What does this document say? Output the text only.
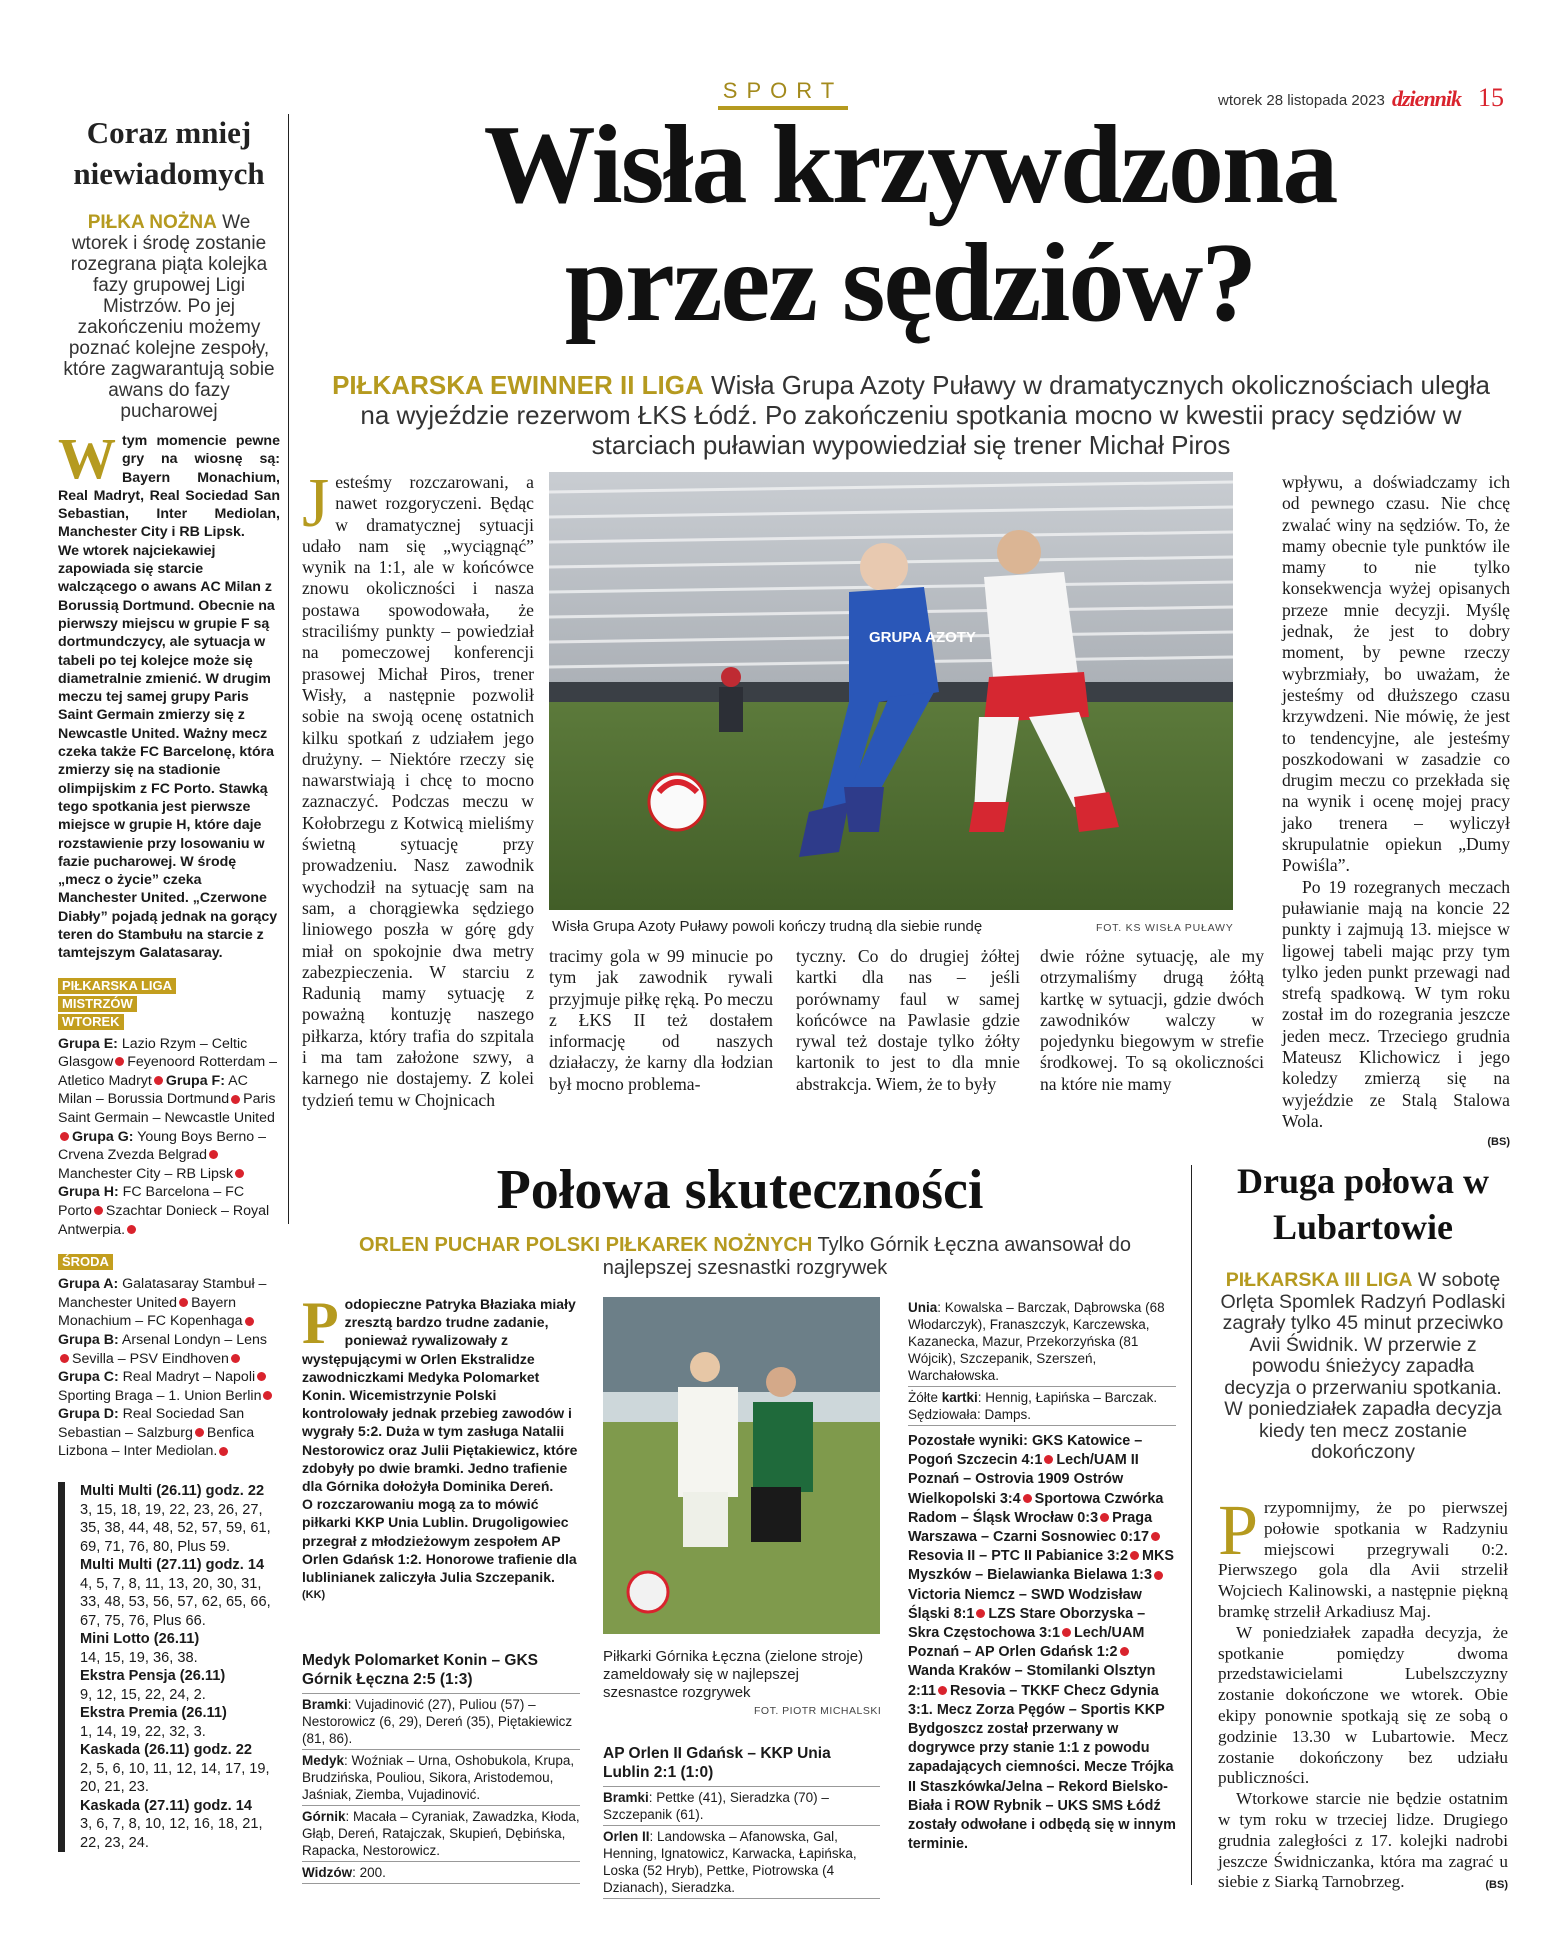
SPORT	wtorek 28 listopada 2023 dziennik 15
Coraz mniej niewiadomych
PIŁKA NOŻNA We wtorek i środę zostanie rozegrana piąta kolejka fazy grupowej Ligi Mistrzów. Po jej zakończeniu możemy poznać kolejne zespoły, które zagwarantują sobie awans do fazy pucharowej
Wtym momencie pewne gry na wiosnę są: Bayern Monachium, Real Madryt, Real Sociedad San Sebastian, Inter Mediolan, Manchester City i RB Lipsk.
We wtorek najciekawiej zapowiada się starcie walczącego o awans AC Milan z Borussią Dortmund. Obecnie na pierwszy miejscu w grupie F są dortmundczycy, ale sytuacja w tabeli po tej kolejce może się diametralnie zmienić. W drugim meczu tej samej grupy Paris Saint Germain zmierzy się z Newcastle United. Ważny mecz czeka także FC Barcelonę, która zmierzy się na stadionie olimpijskim z FC Porto. Stawką tego spotkania jest pierwsze miejsce w grupie H, które daje rozstawienie przy losowaniu w fazie pucharowej. W środę „mecz o życie” czeka Manchester United. „Czerwone Diabły” pojadą jednak na gorący teren do Stambułu na starcie z tamtejszym Galatasaray.
PIŁKARSKA LIGA
MISTRZÓW
WTOREK
Grupa E: Lazio Rzym – Celtic Glasgow Feyenoord Rotterdam – Atletico Madryt Grupa F: AC Milan – Borussia Dortmund Paris Saint Germain – Newcastle UnitedGrupa G: Young Boys Berno – Crvena Zvezda BelgradManchester City – RB LipskGrupa H: FC Barcelona – FC Porto Szachtar Donieck – Royal Antwerpia.
ŚRODA
Grupa A: Galatasaray Stambuł – Manchester United Bayern Monachium – FC KopenhagaGrupa B: Arsenal Londyn – LensSevilla – PSV EindhovenGrupa C: Real Madryt – NapoliSporting Braga – 1. Union BerlinGrupa D: Real Sociedad San Sebastian – Salzburg Benfica Lizbona – Inter Mediolan.
Multi Multi (26.11) godz. 22
3, 15, 18, 19, 22, 23, 26, 27, 35, 38, 44, 48, 52, 57, 59, 61, 69, 71, 76, 80, Plus 59.
Multi Multi (27.11) godz. 14
4, 5, 7, 8, 11, 13, 20, 30, 31, 33, 48, 53, 56, 57, 62, 65, 66, 67, 75, 76, Plus 66.
Mini Lotto (26.11)
14, 15, 19, 36, 38.
Ekstra Pensja (26.11)
9, 12, 15, 22, 24, 2.
Ekstra Premia (26.11)
1, 14, 19, 22, 32, 3.
Kaskada (26.11) godz. 22
2, 5, 6, 10, 11, 12, 14, 17, 19, 20, 21, 23.
Kaskada (27.11) godz. 14
3, 6, 7, 8, 10, 12, 16, 18, 21, 22, 23, 24.
Wisła krzywdzona
przez sędziów?
PIŁKARSKA EWINNER II LIGA Wisła Grupa Azoty Puławy w dramatycznych okolicznościach uległa na wyjeździe rezerwom ŁKS Łódź. Po zakończeniu spotkania mocno w kwestii pracy sędziów w starciach puławian wypowiedział się trener Michał Piros
Jesteśmy rozczarowani, a nawet rozgoryczeni. Będąc w dramatycznej sytuacji udało nam się „wyciągnąć” wynik na 1:1, ale w końcówce znowu okoliczności i nasza postawa spowodowała, że straciliśmy punkty – powiedział na pomeczowej konferencji prasowej Michał Piros, trener Wisły, a następnie pozwolił sobie na swoją ocenę ostatnich kilku spotkań z udziałem jego drużyny. – Niektóre rzeczy się nawarstwiają i chcę to mocno zaznaczyć. Podczas meczu w Kołobrzegu z Kotwicą mieliśmy świetną sytuację przy prowadzeniu. Nasz zawodnik wychodził na sytuację sam na sam, a chorągiewka sędziego liniowego poszła w górę gdy miał on spokojnie dwa metry zabezpieczenia. W starciu z Radunią mamy sytuację z poważną kontuzję naszego piłkarza, który trafia do szpitala i ma tam założone szwy, a karnego nie dostajemy. Z kolei tydzień temu w Chojnicach
GRUPA AZOTY
Wisła Grupa Azoty Puławy powoli kończy trudną dla siebie rundę	FOT. KS WISŁA PUŁAWY
tracimy gola w 99 minucie po tym jak zawodnik rywali przyjmuje piłkę ręką. Po meczu z ŁKS II też dostałem informację od naszych działaczy, że karny dla łodzian był mocno problema-
tyczny. Co do drugiej żółtej kartki dla nas – jeśli porównamy faul w samej końcówce na Pawlasie gdzie rywal też dostaje tylko żółty kartonik to jest to dla mnie abstrakcja. Wiem, że to były
dwie różne sytuację, ale my otrzymaliśmy drugą żółtą kartkę w sytuacji, gdzie dwóch zawodników walczy w pojedynku biegowym w strefie środkowej. To są okoliczności na które nie mamy
wpływu, a doświadczamy ich od pewnego czasu. Nie chcę zwalać winy na sędziów. To, że mamy obecnie tyle punktów ile mamy to nie tylko konsekwencja wyżej opisanych przeze mnie decyzji. Myślę jednak, że jest to dobry moment, by pewne rzeczy wybrzmiały, bo uważam, że jesteśmy od dłuższego czasu krzywdzeni. Nie mówię, że jest to tendencyjne, ale jesteśmy poszkodowani w zasadzie co drugim meczu co przekłada się na wynik i ocenę mojej pracy jako trenera – wyliczył skrupulatnie opiekun „Dumy Powiśla”.
Po 19 rozegranych meczach puławianie mają na koncie 22 punkty i zajmują 13. miejsce w ligowej tabeli mając przy tym tylko jeden punkt przewagi nad strefą spadkową. W tym roku został im do rozegrania jeszcze jeden mecz. Trzeciego grudnia Mateusz Klichowicz i jego koledzy zmierzą się na wyjeździe ze Stalą Stalowa Wola.
(BS)
Połowa skuteczności
ORLEN PUCHAR POLSKI PIŁKAREK NOŻNYCH Tylko Górnik Łęczna awansował do najlepszej szesnastki rozgrywek
Podopieczne Patryka Błaziaka miały zresztą bardzo trudne zadanie, ponieważ rywalizowały z występującymi w Orlen Ekstralidze zawodniczkami Medyka Polomarket Konin. Wicemistrzynie Polski kontrolowały jednak przebieg zawodów i wygrały 5:2. Duża w tym zasługa Natalii Nestorowicz oraz Julii Piętakiewicz, które zdobyły po dwie bramki. Jedno trafienie dla Górnika dołożyła Dominika Dereń.
O rozczarowaniu mogą za to mówić piłkarki KKP Unia Lublin. Drugoligowiec przegrał z młodzieżowym zespołem AP Orlen Gdańsk 1:2. Honorowe trafienie dla lublinianek zaliczyła Julia Szczepanik.
(KK)
Medyk Polomarket Konin – GKS Górnik Łęczna 2:5 (1:3)
Bramki: Vujadinović (27), Puliou (57) – Nestorowicz (6, 29), Dereń (35), Piętakiewicz (81, 86).
Medyk: Woźniak – Urna, Oshobukola, Krupa, Brudzińska, Pouliou, Sikora, Aristodemou, Jaśniak, Ziemba, Vujadinović.
Górnik: Macała – Cyraniak, Zawadzka, Kłoda, Głąb, Dereń, Ratajczak, Skupień, Dębińska, Rapacka, Nestorowicz.
Widzów: 200.
Piłkarki Górnika Łęczna (zielone stroje) zameldowały się w najlepszej szesnastce rozgrywek
FOT. PIOTR MICHALSKI
AP Orlen II Gdańsk – KKP Unia Lublin 2:1 (1:0)
Bramki: Pettke (41), Sieradzka (70) – Szczepanik (61).
Orlen II: Landowska – Afanowska, Gal, Henning, Ignatowicz, Karwacka, Łapińska, Loska (52 Hryb), Pettke, Piotrowska (4 Dzianach), Sieradzka.
Unia: Kowalska – Barczak, Dąbrowska (68 Włodarczyk), Franaszczyk, Karczewska, Kazanecka, Mazur, Przekorzyńska (81 Wójcik), Szczepanik, Szerszeń, Warchałowska.
Żółte kartki: Hennig, Łapińska – Barczak. Sędziowała: Damps.
Pozostałe wyniki: GKS Katowice – Pogoń Szczecin 4:1 Lech/UAM II Poznań – Ostrovia 1909 Ostrów Wielkopolski 3:4 Sportowa Czwórka Radom – Śląsk Wrocław 0:3 Praga Warszawa – Czarni Sosnowiec 0:17Resovia II – PTC II Pabianice 3:2 MKS Myszków – Bielawianka Bielawa 1:3Victoria Niemcz – SWD Wodzisław Śląski 8:1 LZS Stare Oborzyska – Skra Częstochowa 3:1 Lech/UAM Poznań – AP Orlen Gdańsk 1:2Wanda Kraków – Stomilanki Olsztyn 2:11 Resovia – TKKF Checz Gdynia 3:1. Mecz Zorza Pęgów – Sportis KKP Bydgoszcz został przerwany w dogrywce przy stanie 1:1 z powodu zapadających ciemności. Mecze Trójka II Staszkówka/Jelna – Rekord Bielsko-Biała i ROW Rybnik – UKS SMS Łódź zostały odwołane i odbędą się w innym terminie.
Druga połowa w Lubartowie
PIŁKARSKA III LIGA W sobotę Orlęta Spomlek Radzyń Podlaski zagrały tylko 45 minut przeciwko Avii Świdnik. W przerwie z powodu śnieżycy zapadła decyzja o przerwaniu spotkania. W poniedziałek zapadła decyzja kiedy ten mecz zostanie dokończony
Przypomnijmy, że po pierwszej połowie spotkania w Radzyniu miejscowi przegrywali 0:2. Pierwszego gola dla Avii strzelił Wojciech Kalinowski, a następnie piękną bramkę strzelił Arkadiusz Maj.
W poniedziałek zapadła decyzja, że spotkanie pomiędzy dwoma przedstawicielami Lubelszczyzny zostanie dokończone we wtorek. Obie ekipy ponownie spotkają się ze sobą o godzinie 13.30 w Lubartowie. Mecz zostanie dokończony bez udziału publiczności.
Wtorkowe starcie nie będzie ostatnim w tym roku w trzeciej lidze. Drugiego grudnia zaległości z 17. kolejki nadrobi jeszcze Świdniczanka, która ma zagrać u siebie z Siarką Tarnobrzeg.	(BS)
